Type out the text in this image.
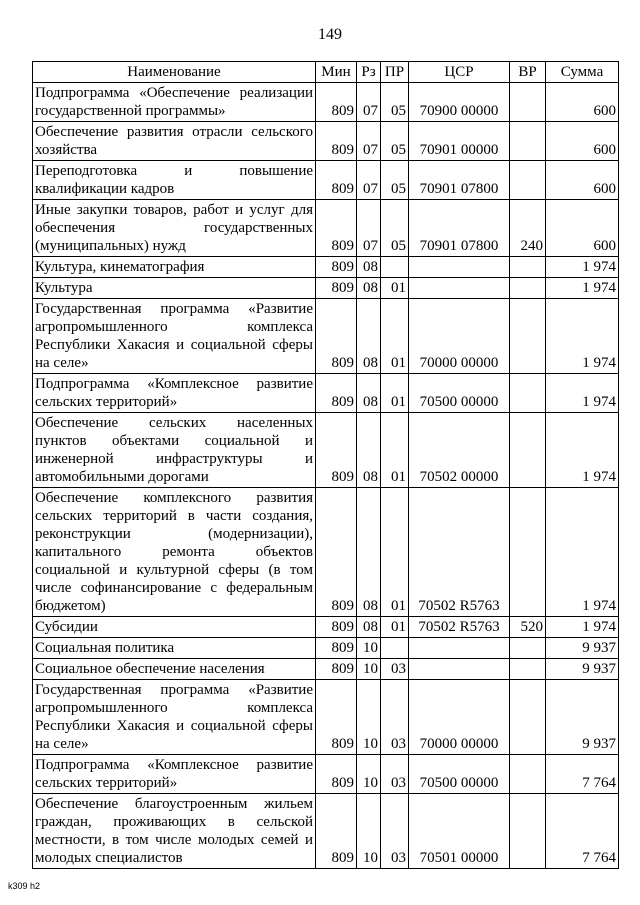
149
Наименование	Мин	Рз	ПР	ЦСР	ВР	Сумма
Подпрограмма «Обеспечение реализации государственной программы»	809	07	05	70900 00000		600
Обеспечение развития отрасли сельского хозяйства	809	07	05	70901 00000		600
Переподготовка и повышение квалификации кадров	809	07	05	70901 07800		600
Иные закупки товаров, работ и услуг для обеспечения государственных (муниципальных) нужд	809	07	05	70901 07800	240	600
Культура, кинематография	809	08				1 974
Культура	809	08	01			1 974
Государственная программа «Развитие агропромышленного комплекса Республики Хакасия и социальной сферы на селе»	809	08	01	70000 00000		1 974
Подпрограмма «Комплексное развитие сельских территорий»	809	08	01	70500 00000		1 974
Обеспечение сельских населенных пунктов объектами социальной и инженерной инфраструктуры и автомобильными дорогами	809	08	01	70502 00000		1 974
Обеспечение комплексного развития сельских территорий в части создания, реконструкции (модернизации), капитального ремонта объектов социальной и культурной сферы (в том числе софинансирование с федеральным бюджетом)	809	08	01	70502 R5763		1 974
Субсидии	809	08	01	70502 R5763	520	1 974
Социальная политика	809	10				9 937
Социальное обеспечение населения	809	10	03			9 937
Государственная программа «Развитие агропромышленного комплекса Республики Хакасия и социальной сферы на селе»	809	10	03	70000 00000		9 937
Подпрограмма «Комплексное развитие сельских территорий»	809	10	03	70500 00000		7 764
Обеспечение благоустроенным жильем граждан, проживающих в сельской местности, в том числе молодых семей и молодых специалистов	809	10	03	70501 00000		7 764
k309 h2
